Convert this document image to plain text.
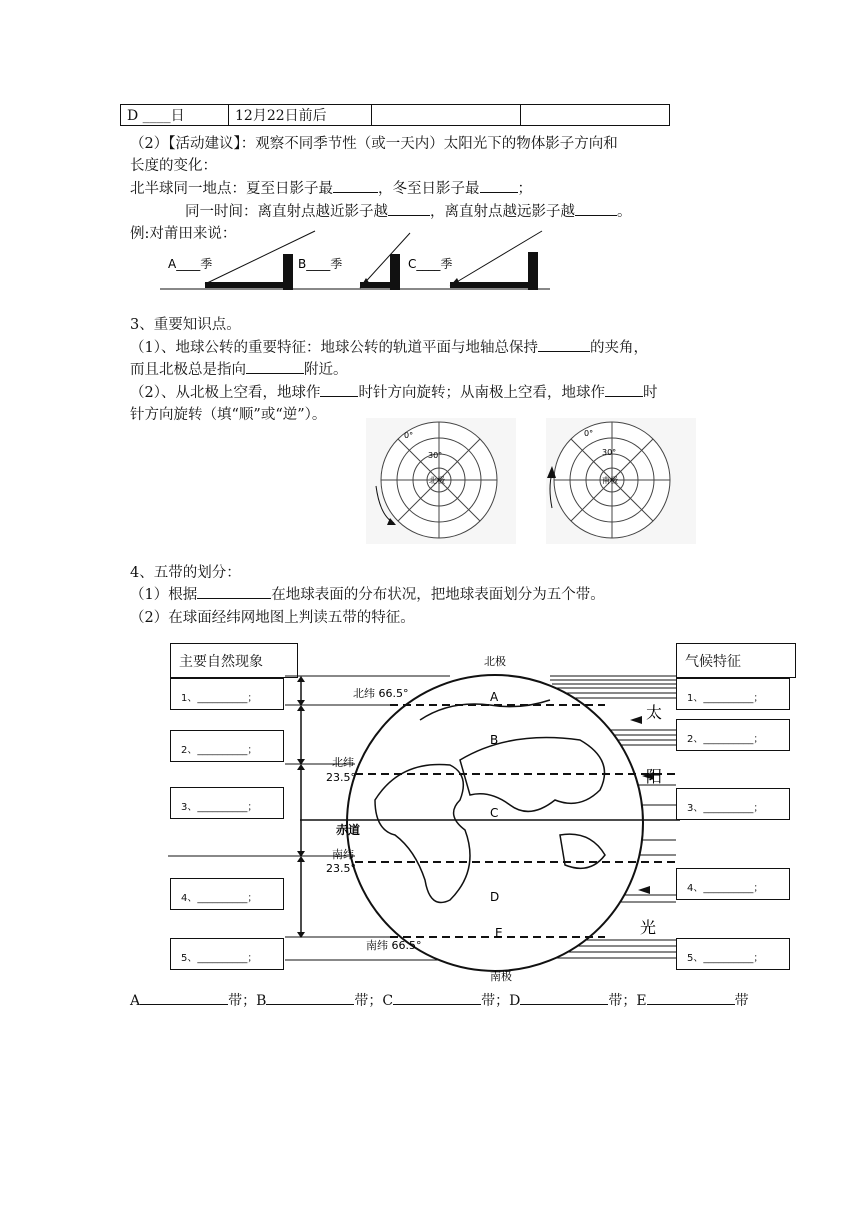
D ____日	12月22日前后		
（2）【活动建议】：观察不同季节性（或一天内）太阳光下的物体影子方向和
长度的变化：
北半球同一地点：夏至日影子最	，冬至日影子最	；
同一时间：离直射点越近影子越	，离直射点越远影子越	。
例:对莆田来说：
A____季	B____季	C____季
3、重要知识点。
（1）、地球公转的重要特征：地球公转的轨道平面与地轴总保持	的夹角，
而且北极总是指向	附近。
（2）、从北极上空看，地球作	时针方向旋转；从南极上空看，地球作	时
针方向旋转（填“顺”或“逆”）。
0°
30°
北极
0°
30°
南极
4、五带的划分：
（1）根据	在地球表面的分布状况，把地球表面划分为五个带。
（2）在球面经纬网地图上判读五带的特征。
主要自然现象	气候特征
北极
北纬 66.5°
北纬
23.5°
赤道
南纬
23.5°
南纬 66.5°
南极
A
B
C
D
E
太
阳
光
1、__________；
2、__________；
3、__________；
4、__________；
5、__________；
1、__________；
2、__________；
3、__________；
4、__________；
5、__________；
A	带；B	带；C	带；D	带；E	带
